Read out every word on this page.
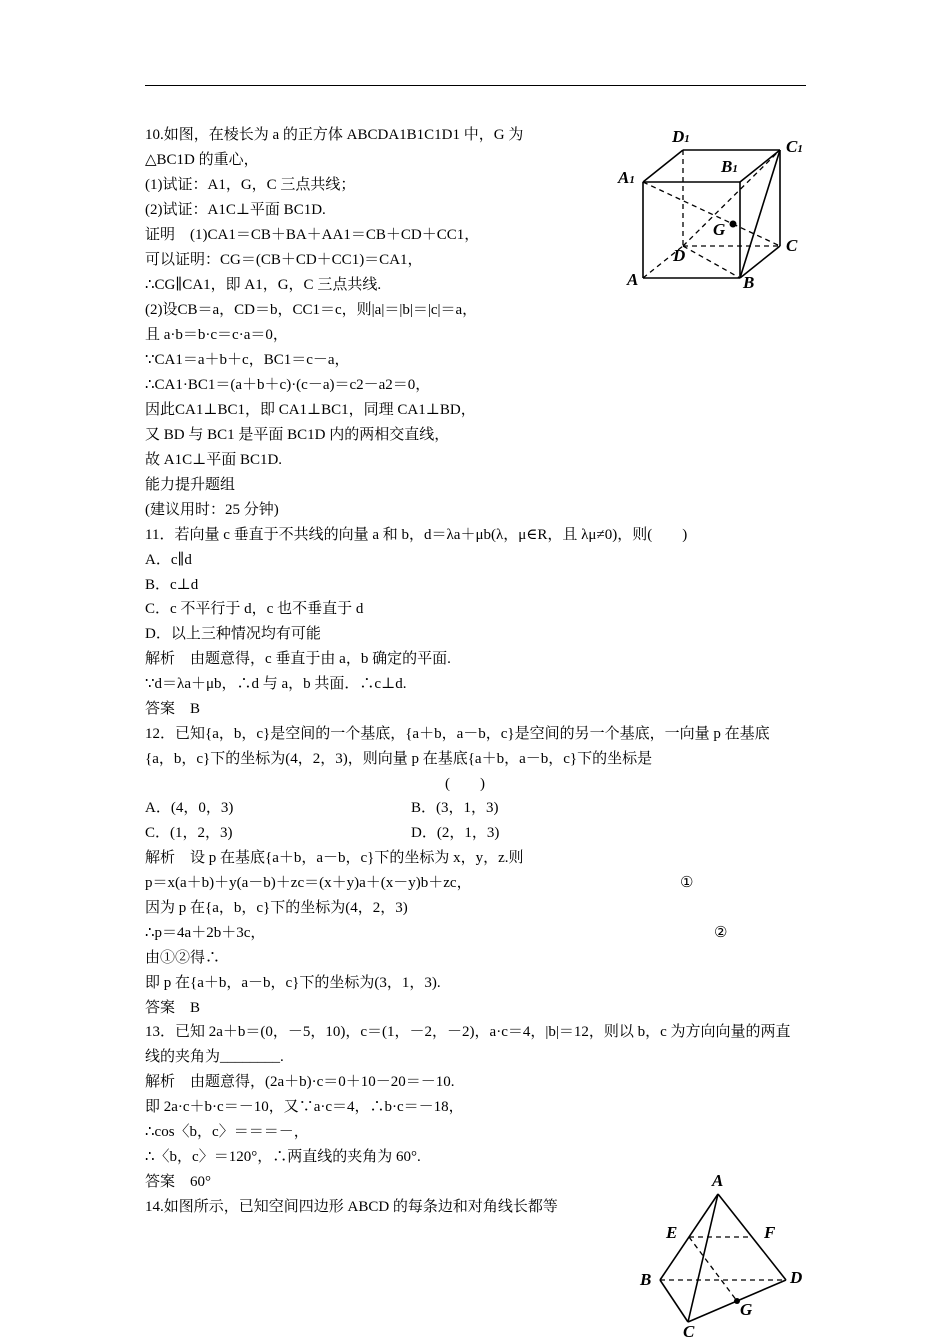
10.如图，在棱长为 a 的正方体 ABCDA1B1C1D1 中，G 为
△BC1D 的重心，
(1)试证：A1，G，C 三点共线；
(2)试证：A1C⊥平面 BC1D.
证明　(1)CA1＝CB＋BA＋AA1＝CB＋CD＋CC1，
可以证明：CG＝(CB＋CD＋CC1)＝CA1，
∴CG∥CA1，即 A1，G，C 三点共线.
(2)设CB＝a，CD＝b，CC1＝c，则|a|＝|b|＝|c|＝a，
且 a·b＝b·c＝c·a＝0，
∵CA1＝a＋b＋c，BC1＝c－a，
∴CA1·BC1＝(a＋b＋c)·(c－a)＝c2－a2＝0，
因此CA1⊥BC1，即 CA1⊥BC1，同理 CA1⊥BD，
又 BD 与 BC1 是平面 BC1D 内的两相交直线，
故 A1C⊥平面 BC1D.
能力提升题组
(建议用时：25 分钟)
11．若向量 c 垂直于不共线的向量 a 和 b，d＝λa＋μb(λ，μ∈R，且 λμ≠0)，则(　　)
A．c∥d
B．c⊥d
C．c 不平行于 d，c 也不垂直于 d
D．以上三种情况均有可能
解析　由题意得，c 垂直于由 a，b 确定的平面.
∵d＝λa＋μb，∴d 与 a，b 共面．∴c⊥d.
答案　B
12．已知{a，b，c}是空间的一个基底，{a＋b，a－b，c}是空间的另一个基底，一向量 p 在基底
{a，b，c}下的坐标为(4，2，3)，则向量 p 在基底{a＋b，a－b，c}下的坐标是
(　　)
A．(4，0，3)	B．(3，1，3)
C．(1，2，3)	D．(2，1，3)
解析　设 p 在基底{a＋b，a－b，c}下的坐标为 x，y，z.则
p＝x(a＋b)＋y(a－b)＋zc＝(x＋y)a＋(x－y)b＋zc，	①
因为 p 在{a，b，c}下的坐标为(4，2，3)
∴p＝4a＋2b＋3c，	②
由①②得∴
即 p 在{a＋b，a－b，c}下的坐标为(3，1，3).
答案　B
13．已知 2a＋b＝(0，－5，10)，c＝(1，－2，－2)，a·c＝4，|b|＝12，则以 b，c 为方向向量的两直
线的夹角为________.
解析　由题意得，(2a＋b)·c＝0＋10－20＝－10.
即 2a·c＋b·c＝－10，又∵a·c＝4，∴b·c＝－18，
∴cos〈b，c〉＝＝＝－，
∴〈b，c〉＝120°，∴两直线的夹角为 60°.
答案　60°
14.如图所示，已知空间四边形 ABCD 的每条边和对角线长都等
D1	C1
B1
A1
G
D
C
A	B
A
E	F
B	D
G
C
